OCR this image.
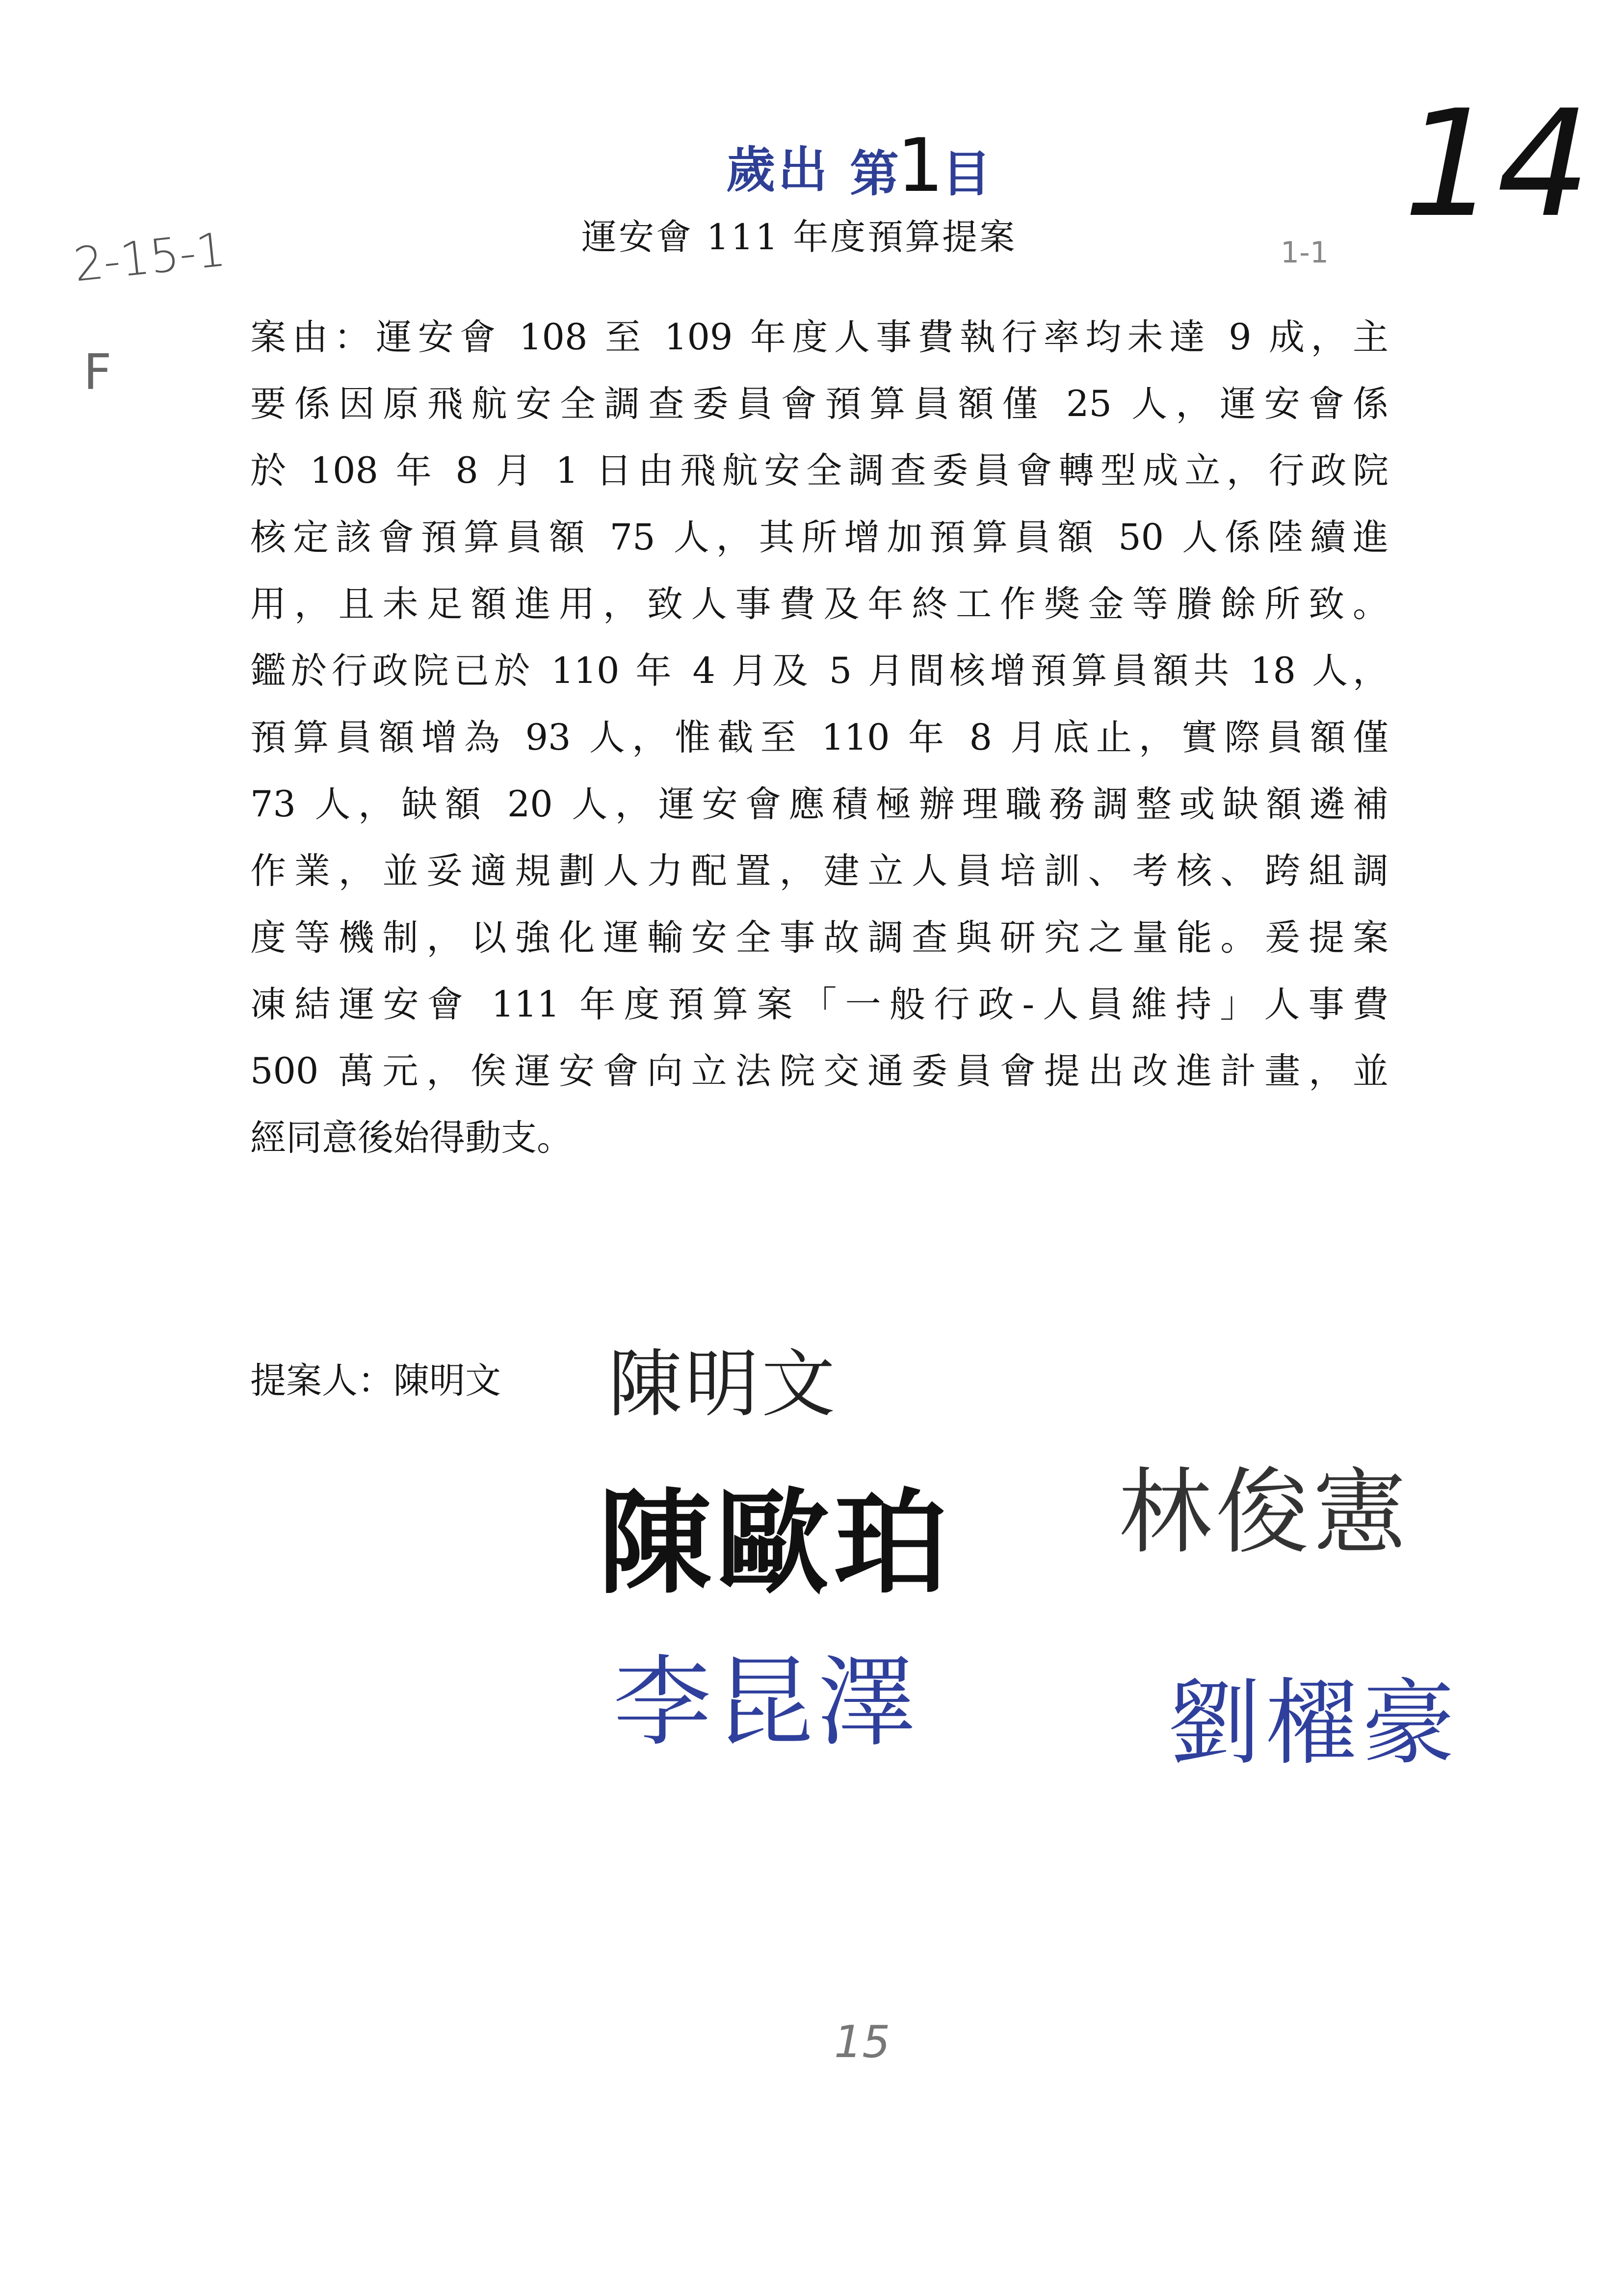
歲出 第1目
運安會 111 年度預算提案
案由：運安會 108 至 109 年度人事費執行率均未達 9 成，主
要係因原飛航安全調查委員會預算員額僅 25 人，運安會係
於 108 年 8 月 1 日由飛航安全調查委員會轉型成立，行政院
核定該會預算員額 75 人，其所增加預算員額 50 人係陸續進
用，且未足額進用，致人事費及年終工作獎金等賸餘所致。
鑑於行政院已於 110 年 4 月及 5 月間核增預算員額共 18 人，
預算員額增為 93 人，惟截至 110 年 8 月底止，實際員額僅
73 人，缺額 20 人，運安會應積極辦理職務調整或缺額遴補
作業，並妥適規劃人力配置，建立人員培訓、考核、跨組調
度等機制，以強化運輸安全事故調查與研究之量能。爰提案
凍結運安會 111 年度預算案「一般行政-人員維持」人事費
500 萬元，俟運安會向立法院交通委員會提出改進計畫，並
經同意後始得動支。
提案人：陳明文
14
2-15-1
F
1-1
15
陳明文
陳歐珀 林俊憲
李昆澤	劉櫂豪
